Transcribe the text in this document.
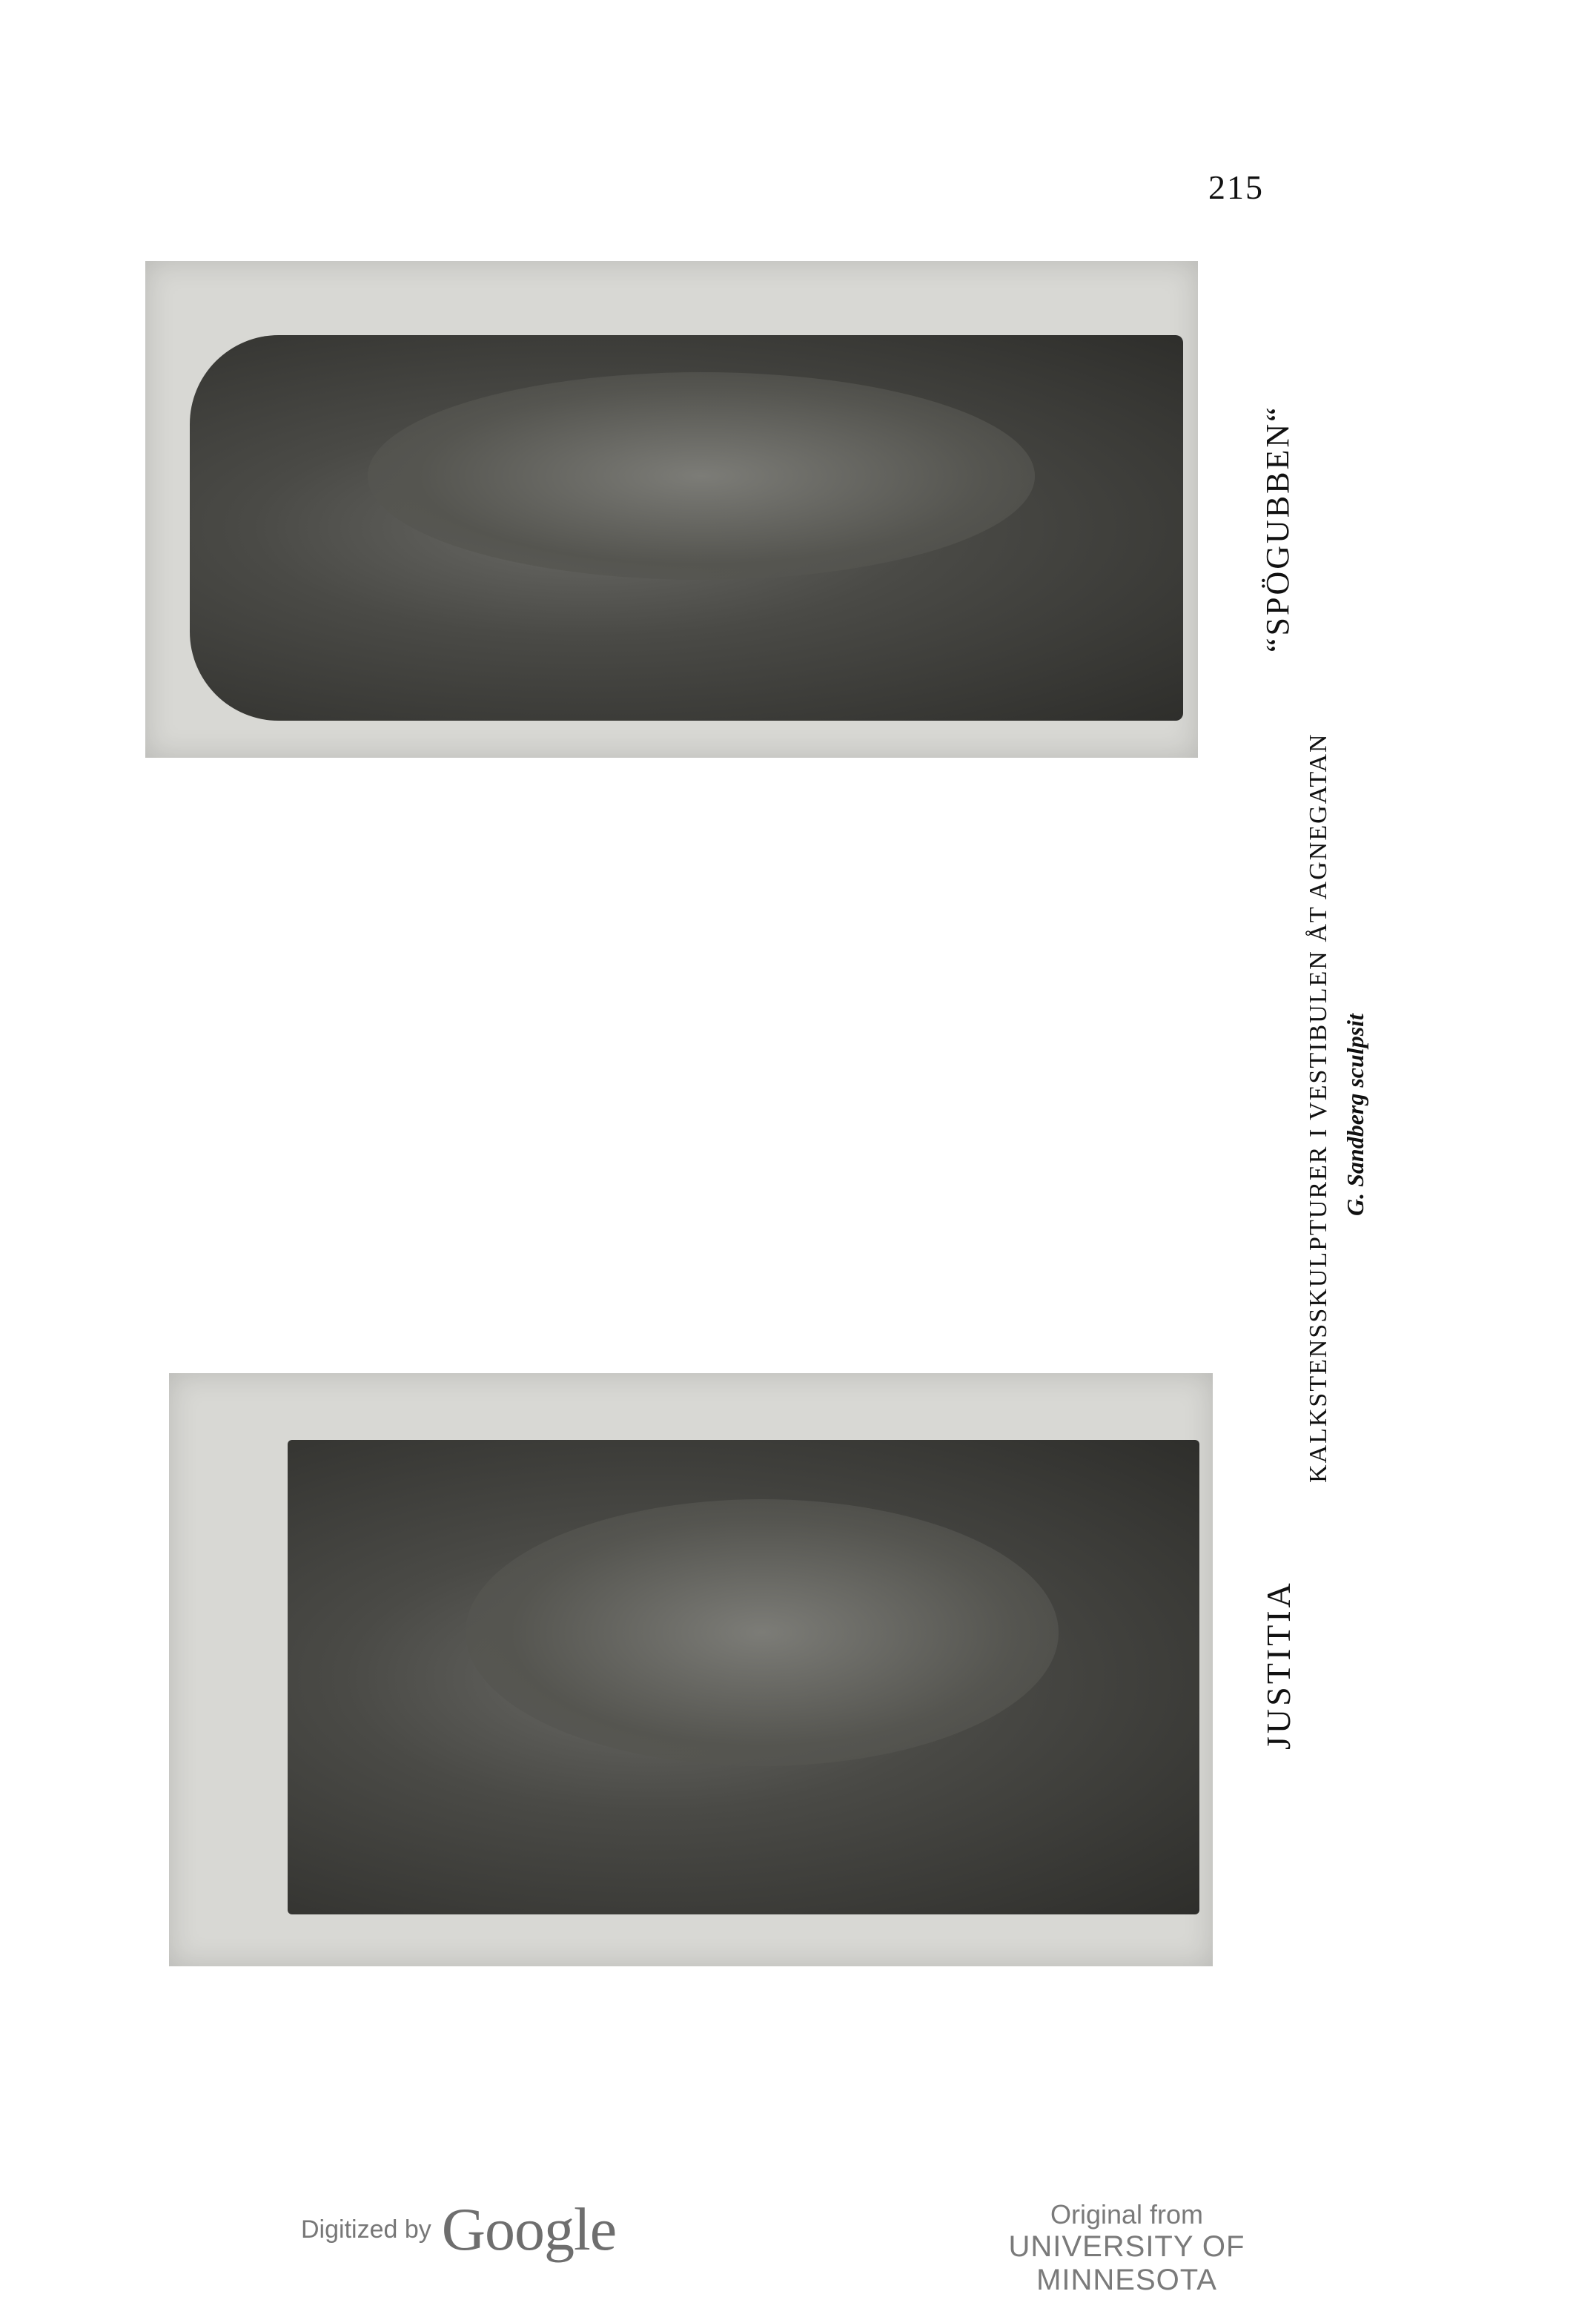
215
“SPÖGUBBEN“
KALKSTENSSKULPTURER I VESTIBULEN ÅT AGNEGATAN G. Sandberg sculpsit
JUSTITIA
Digitized by Google	Original from
UNIVERSITY OF MINNESOTA
